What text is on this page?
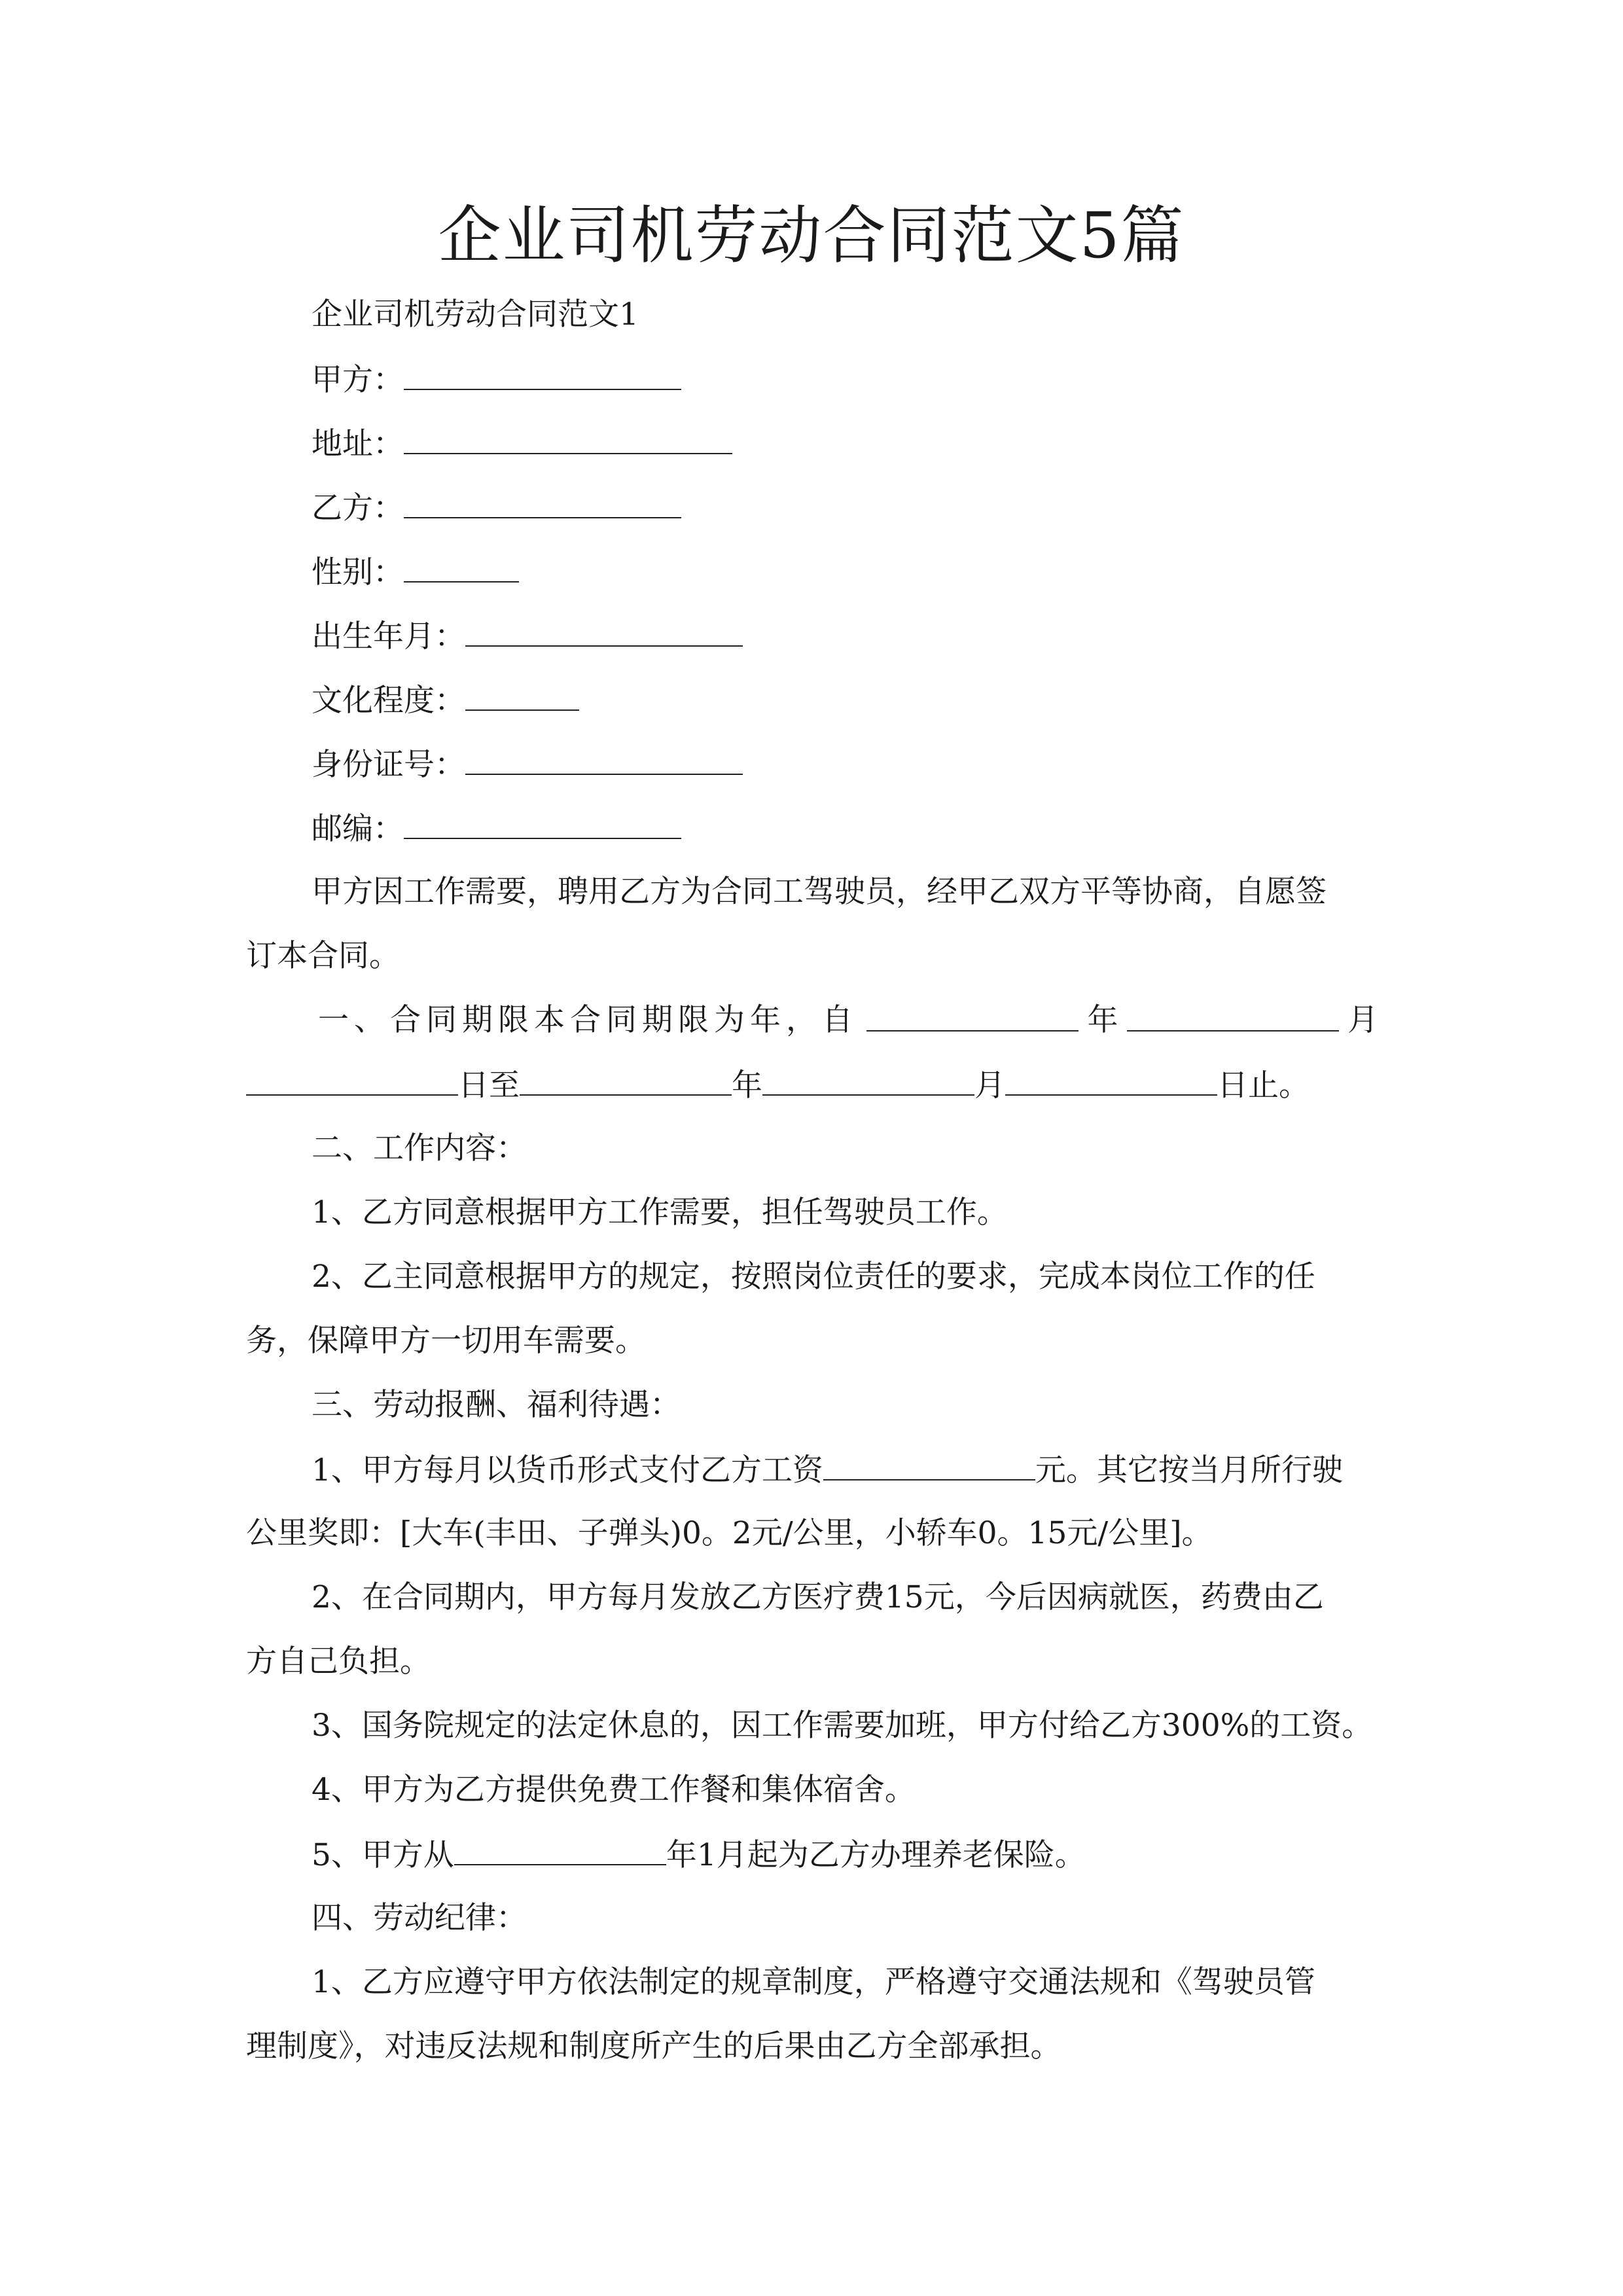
企业司机劳动合同范文5篇
企业司机劳动合同范文1
甲方：
地址：
乙方：
性别：
出生年月：
文化程度：
身份证号：
邮编：
甲方因工作需要，聘用乙方为合同工驾驶员，经甲乙双方平等协商，自愿签
订本合同。
一、合同期限本合同期限为年，自	年	月
日至	年	月	日止。
二、工作内容：
1、乙方同意根据甲方工作需要，担任驾驶员工作。
2、乙主同意根据甲方的规定，按照岗位责任的要求，完成本岗位工作的任
务，保障甲方一切用车需要。
三、劳动报酬、福利待遇：
1、甲方每月以货币形式支付乙方工资	元。其它按当月所行驶
公里奖即：[大车(丰田、子弹头)0。2元/公里，小轿车0。15元/公里]。
2、在合同期内，甲方每月发放乙方医疗费15元，今后因病就医，药费由乙
方自己负担。
3、国务院规定的法定休息的，因工作需要加班，甲方付给乙方300%的工资。
4、甲方为乙方提供免费工作餐和集体宿舍。
5、甲方从	年1月起为乙方办理养老保险。
四、劳动纪律：
1、乙方应遵守甲方依法制定的规章制度，严格遵守交通法规和《驾驶员管
理制度》，对违反法规和制度所产生的后果由乙方全部承担。
